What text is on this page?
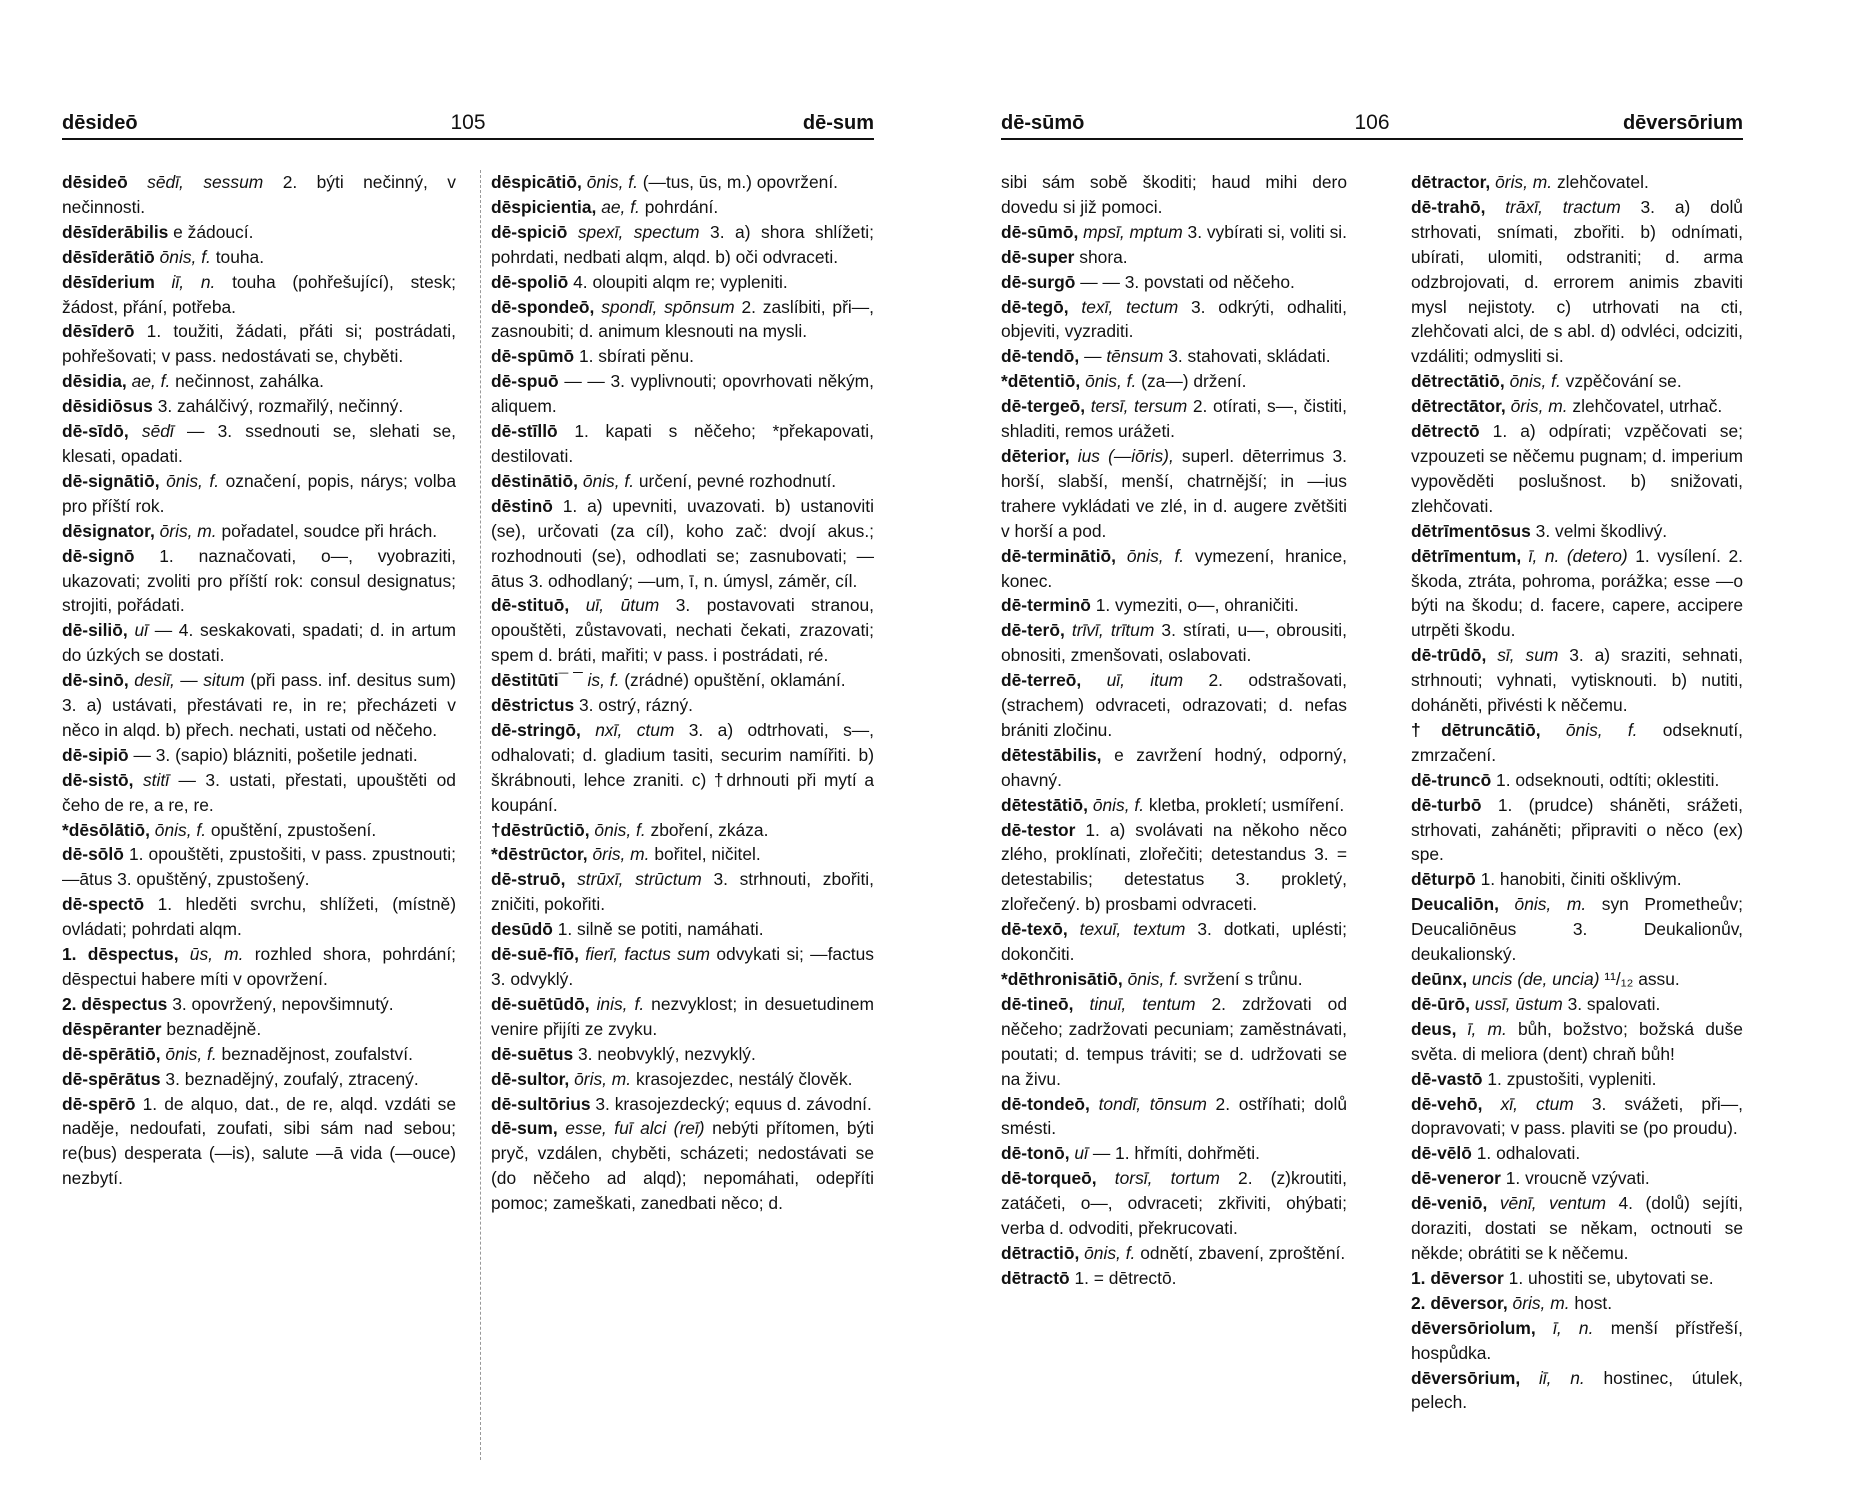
dēsideō	105	dē-sum
dēsideō sēdī, sessum 2. býti nečinný, v nečinnosti.
dēsīderābilis e žádoucí.
dēsīderātiō ōnis, f. touha.
dēsīderium iī, n. touha (pohřešující), stesk; žádost, přání, potřeba.
dēsīderō 1. toužiti, žádati, přáti si; postrádati, pohřešovati; v pass. nedostávati se, chyběti.
dēsidia, ae, f. nečinnost, zahálka.
dēsidiōsus 3. zahálčivý, rozmařilý, nečinný.
dē-sīdō, sēdī — 3. ssednouti se, slehati se, klesati, opadati.
dē-signātiō, ōnis, f. označení, popis, nárys; volba pro příští rok.
dēsignator, ōris, m. pořadatel, soudce při hrách.
dē-signō 1. naznačovati, o—, vyobraziti, ukazovati; zvoliti pro příští rok: consul designatus; strojiti, pořádati.
dē-siliō, uī — 4. seskakovati, spadati; d. in artum do úzkých se dostati.
dē-sinō, desiī, — situm (při pass. inf. desitus sum) 3. a) ustávati, přestávati re, in re; přecházeti v něco in alqd. b) přech. nechati, ustati od něčeho.
dē-sipiō — 3. (sapio) blázniti, pošetile jednati.
dē-sistō, stitī — 3. ustati, přestati, upouštěti od čeho de re, a re, re.
*dēsōlātiō, ōnis, f. opuštění, zpustošení.
dē-sōlō 1. opouštěti, zpustošiti, v pass. zpustnouti; —ātus 3. opuštěný, zpustošený.
dē-spectō 1. hleděti svrchu, shlížeti, (místně) ovládati; pohrdati alqm.
1. dēspectus, ūs, m. rozhled shora, pohrdání; dēspectui habere míti v opovržení.
2. dēspectus 3. opovržený, nepovšimnutý.
dēspēranter beznadějně.
dē-spērātiō, ōnis, f. beznadějnost, zoufalství.
dē-spērātus 3. beznadějný, zoufalý, ztracený.
dē-spērō 1. de alquo, dat., de re, alqd. vzdáti se naděje, nedoufati, zoufati, sibi sám nad sebou; re(bus) desperata (—is), salute —ā vida (—ouce) nezbytí.
dēspicātiō, ōnis, f. (—tus, ūs, m.) opovržení.
dēspicientia, ae, f. pohrdání.
dē-spiciō spexī, spectum 3. a) shora shlížeti; pohrdati, nedbati alqm, alqd. b) oči odvraceti.
dē-spoliō 4. oloupiti alqm re; vypleniti.
dē-spondeō, spondī, spōnsum 2. zaslíbiti, při—, zasnoubiti; d. animum klesnouti na mysli.
dē-spūmō 1. sbírati pěnu.
dē-spuō — — 3. vyplivnouti; opovrhovati někým, aliquem.
dē-stīllō 1. kapati s něčeho; *překapovati, destilovati.
dēstinātiō, ōnis, f. určení, pevné rozhodnutí.
dēstinō 1. a) upevniti, uvazovati. b) ustanoviti (se), určovati (za cíl), koho zač: dvojí akus.; rozhodnouti (se), odhodlati se; zasnubovati; —ātus 3. odhodlaný; —um, ī, n. úmysl, záměr, cíl.
dē-stituō, uī, ūtum 3. postavovati stranou, opouštěti, zůstavovati, nechati čekati, zrazovati; spem d. bráti, mařiti; v pass. i postrádati, ré.
dēstitūti¯ ¯ is, f. (zrádné) opuštění, oklamání.
dēstrictus 3. ostrý, rázný.
dē-stringō, nxī, ctum 3. a) odtrhovati, s—, odhalovati; d. gladium tasiti, securim namířiti. b) škrábnouti, lehce zraniti. c) †drhnouti při mytí a koupání.
†dēstrūctiō, ōnis, f. zboření, zkáza.
*dēstrūctor, ōris, m. bořitel, ničitel.
dē-struō, strūxī, strūctum 3. strhnouti, zbořiti, zničiti, pokořiti.
desūdō 1. silně se potiti, namáhati.
dē-suē-fīō, fierī, factus sum odvykati si; —factus 3. odvyklý.
dē-suētūdō, inis, f. nezvyklost; in desuetudinem venire přijíti ze zvyku.
dē-suētus 3. neobvyklý, nezvyklý.
dē-sultor, ōris, m. krasojezdec, nestálý člověk.
dē-sultōrius 3. krasojezdecký; equus d. závodní.
dē-sum, esse, fuī alci (reī) nebýti přítomen, býti pryč, vzdálen, chyběti, scházeti; nedostávati se (do něčeho ad alqd); nepomáhati, odepříti pomoc; zameškati, zanedbati něco; d.
dē-sūmō	106	dēversōrium
sibi sám sobě škoditi; haud mihi dero dovedu si již pomoci.
dē-sūmō, mpsī, mptum 3. vybírati si, voliti si.
dē-super shora.
dē-surgō — — 3. povstati od něčeho.
dē-tegō, texī, tectum 3. odkrýti, odhaliti, objeviti, vyzraditi.
dē-tendō, — tēnsum 3. stahovati, skládati.
*dētentiō, ōnis, f. (za—) držení.
dē-tergeō, tersī, tersum 2. otírati, s—, čistiti, shladiti, remos urážeti.
dēterior, ius (—iōris), superl. dēterrimus 3. horší, slabší, menší, chatrnější; in —ius trahere vykládati ve zlé, in d. augere zvětšiti v horší a pod.
dē-terminātiō, ōnis, f. vymezení, hranice, konec.
dē-terminō 1. vymeziti, o—, ohraničiti.
dē-terō, trīvī, trītum 3. stírati, u—, obrousiti, obnositi, zmenšovati, oslabovati.
dē-terreō, uī, itum 2. odstrašovati, (strachem) odvraceti, odrazovati; d. nefas brániti zločinu.
dētestābilis, e zavržení hodný, odporný, ohavný.
dētestātiō, ōnis, f. kletba, prokletí; usmíření.
dē-testor 1. a) svolávati na někoho něco zlého, proklínati, zlořečiti; detestandus 3. = detestabilis; detestatus 3. prokletý, zlořečený. b) prosbami odvraceti.
dē-texō, texuī, textum 3. dotkati, uplésti; dokončiti.
*dēthronisātiō, ōnis, f. svržení s trůnu.
dē-tineō, tinuī, tentum 2. zdržovati od něčeho; zadržovati pecuniam; zaměstnávati, poutati; d. tempus tráviti; se d. udržovati se na živu.
dē-tondeō, tondī, tōnsum 2. ostříhati; dolů smésti.
dē-tonō, uī — 1. hřmíti, dohřměti.
dē-torqueō, torsī, tortum 2. (z)kroutiti, zatáčeti, o—, odvraceti; zkřiviti, ohýbati; verba d. odvoditi, překrucovati.
dētractiō, ōnis, f. odnětí, zbavení, zproštění.
dētractō 1. = dētrectō.
dētractor, ōris, m. zlehčovatel.
dē-trahō, trāxī, tractum 3. a) dolů strhovati, snímati, zbořiti. b) odnímati, ubírati, ulomiti, odstraniti; d. arma odzbrojovati, d. errorem animis zbaviti mysl nejistoty. c) utrhovati na cti, zlehčovati alci, de s abl. d) odvléci, odciziti, vzdáliti; odmysliti si.
dētrectātiō, ōnis, f. vzpěčování se.
dētrectātor, ōris, m. zlehčovatel, utrhač.
dētrectō 1. a) odpírati; vzpěčovati se; vzpouzeti se něčemu pugnam; d. imperium vypověděti poslušnost. b) snižovati, zlehčovati.
dētrīmentōsus 3. velmi škodlivý.
dētrīmentum, ī, n. (detero) 1. vysílení. 2. škoda, ztráta, pohroma, porážka; esse —o býti na škodu; d. facere, capere, accipere utrpěti škodu.
dē-trūdō, sī, sum 3. a) sraziti, sehnati, strhnouti; vyhnati, vytisknouti. b) nutiti, doháněti, přivésti k něčemu.
†dētruncātiō, ōnis, f. odseknutí, zmrzačení.
dē-truncō 1. odseknouti, odtíti; oklestiti.
dē-turbō 1. (prudce) sháněti, srážeti, strhovati, zaháněti; připraviti o něco (ex) spe.
dēturpō 1. hanobiti, činiti ošklivým.
Deucaliōn, ōnis, m. syn Prometheův; Deucaliōnēus 3. Deukalionův, deukalionský.
deūnx, uncis (de, uncia) ¹¹/₁₂ assu.
dē-ūrō, ussī, ūstum 3. spalovati.
deus, ī, m. bůh, božstvo; božská duše světa. di meliora (dent) chraň bůh!
dē-vastō 1. zpustošiti, vypleniti.
dē-vehō, xī, ctum 3. svážeti, při—, dopravovati; v pass. plaviti se (po proudu).
dē-vēlō 1. odhalovati.
dē-veneror 1. vroucně vzývati.
dē-veniō, vēnī, ventum 4. (dolů) sejíti, doraziti, dostati se někam, octnouti se někde; obrátiti se k něčemu.
1. dēversor 1. uhostiti se, ubytovati se.
2. dēversor, ōris, m. host.
dēversōriolum, ī, n. menší přístřeší, hospůdka.
dēversōrium, iī, n. hostinec, útulek, pelech.
